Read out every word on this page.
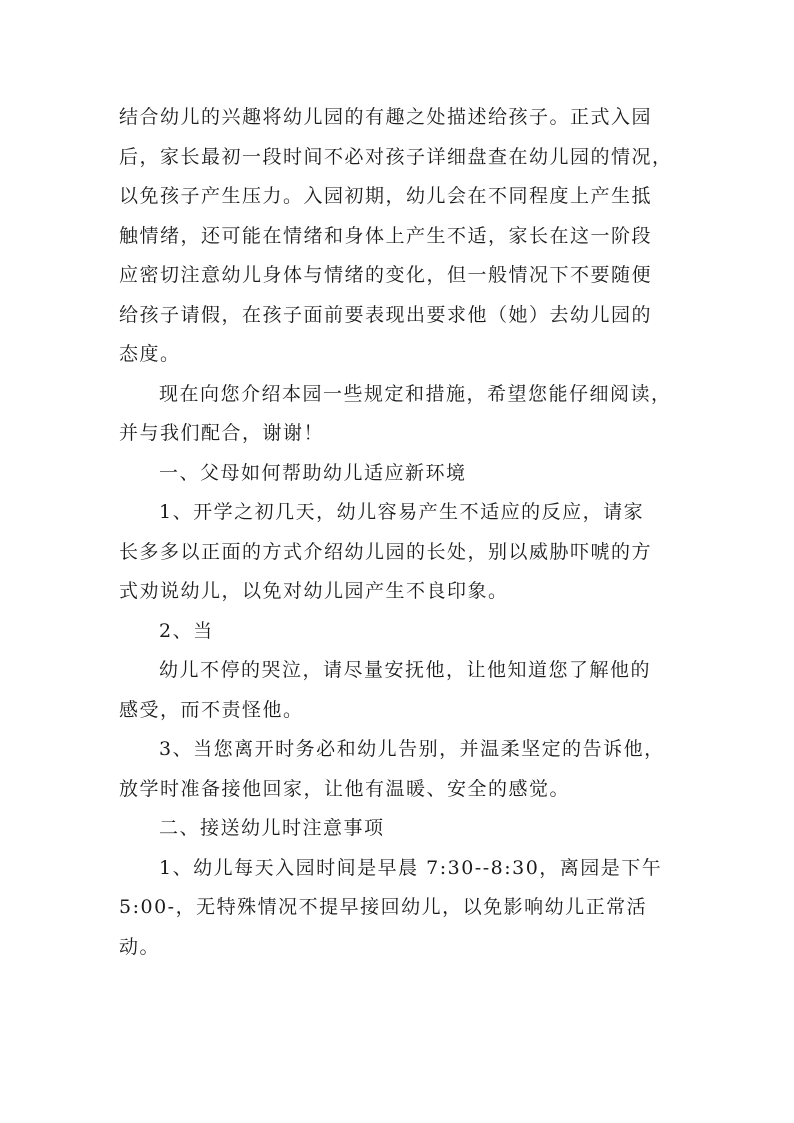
结合幼儿的兴趣将幼儿园的有趣之处描述给孩子。正式入园
后，家长最初一段时间不必对孩子详细盘查在幼儿园的情况，
以免孩子产生压力。入园初期，幼儿会在不同程度上产生抵
触情绪，还可能在情绪和身体上产生不适，家长在这一阶段
应密切注意幼儿身体与情绪的变化，但一般情况下不要随便
给孩子请假，在孩子面前要表现出要求他（她）去幼儿园的
态度。
现在向您介绍本园一些规定和措施，希望您能仔细阅读，
并与我们配合，谢谢！
一、父母如何帮助幼儿适应新环境
1、开学之初几天，幼儿容易产生不适应的反应，请家
长多多以正面的方式介绍幼儿园的长处，别以威胁吓唬的方
式劝说幼儿，以免对幼儿园产生不良印象。
2、当
幼儿不停的哭泣，请尽量安抚他，让他知道您了解他的
感受，而不责怪他。
3、当您离开时务必和幼儿告别，并温柔坚定的告诉他，
放学时准备接他回家，让他有温暖、安全的感觉。
二、接送幼儿时注意事项
1、幼儿每天入园时间是早晨 7:30--8:30，离园是下午
5:00-，无特殊情况不提早接回幼儿，以免影响幼儿正常活
动。
